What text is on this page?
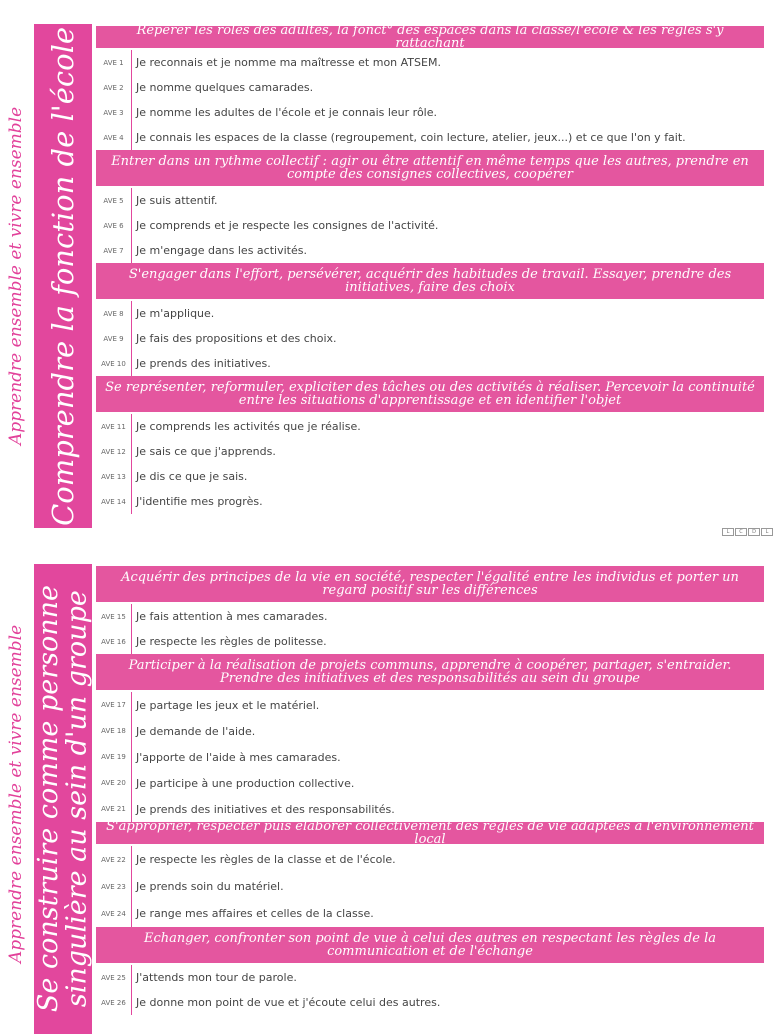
Apprendre ensemble et vivre ensemble Comprendre la fonction de l'école	Repérer les rôles des adultes, la fonct° des espaces dans la classe/l'école & les règles s'y rattachant
AVE 1	Je reconnais et je nomme ma maîtresse et mon ATSEM.
AVE 2	Je nomme quelques camarades.
AVE 3	Je nomme les adultes de l'école et je connais leur rôle.
AVE 4	Je connais les espaces de la classe (regroupement, coin lecture, atelier, jeux...) et ce que l'on y fait.
Entrer dans un rythme collectif : agir ou être attentif en même temps que les autres, prendre en compte des consignes collectives, coopérer
AVE 5	Je suis attentif.
AVE 6	Je comprends et je respecte les consignes de l'activité.
AVE 7	Je m'engage dans les activités.
S'engager dans l'effort, persévérer, acquérir des habitudes de travail. Essayer, prendre des initiatives, faire des choix
AVE 8	Je m'applique.
AVE 9	Je fais des propositions et des choix.
AVE 10 Je prends des initiatives.
Se représenter, reformuler, expliciter des tâches ou des activités à réaliser. Percevoir la continuité entre les situations d'apprentissage et en identifier l'objet
AVE 11 Je comprends les activités que je réalise.
AVE 12 Je sais ce que j'apprends.
AVE 13 Je dis ce que je sais.
AVE 14 J'identifie mes progrès.
L	C	D	L
Apprendre ensemble et vivre ensemble Se construire comme personne
singulière au sein d'un groupe
Acquérir des principes de la vie en société, respecter l'égalité entre les individus et porter un regard positif sur les différences
AVE 15 Je fais attention à mes camarades.
AVE 16 Je respecte les règles de politesse.
Participer à la réalisation de projets communs, apprendre à coopérer, partager, s'entraider. Prendre des initiatives et des responsabilités au sein du groupe
AVE 17 Je partage les jeux et le matériel.
AVE 18 Je demande de l'aide.
AVE 19 J'apporte de l'aide à mes camarades.
AVE 20 Je participe à une production collective.
AVE 21 Je prends des initiatives et des responsabilités.
S'approprier, respecter puis élaborer collectivement des règles de vie adaptées à l'environnement local
AVE 22 Je respecte les règles de la classe et de l'école.
AVE 23 Je prends soin du matériel.
AVE 24 Je range mes affaires et celles de la classe.
Echanger, confronter son point de vue à celui des autres en respectant les règles de la communication et de l'échange
AVE 25 J'attends mon tour de parole.
AVE 26 Je donne mon point de vue et j'écoute celui des autres.
